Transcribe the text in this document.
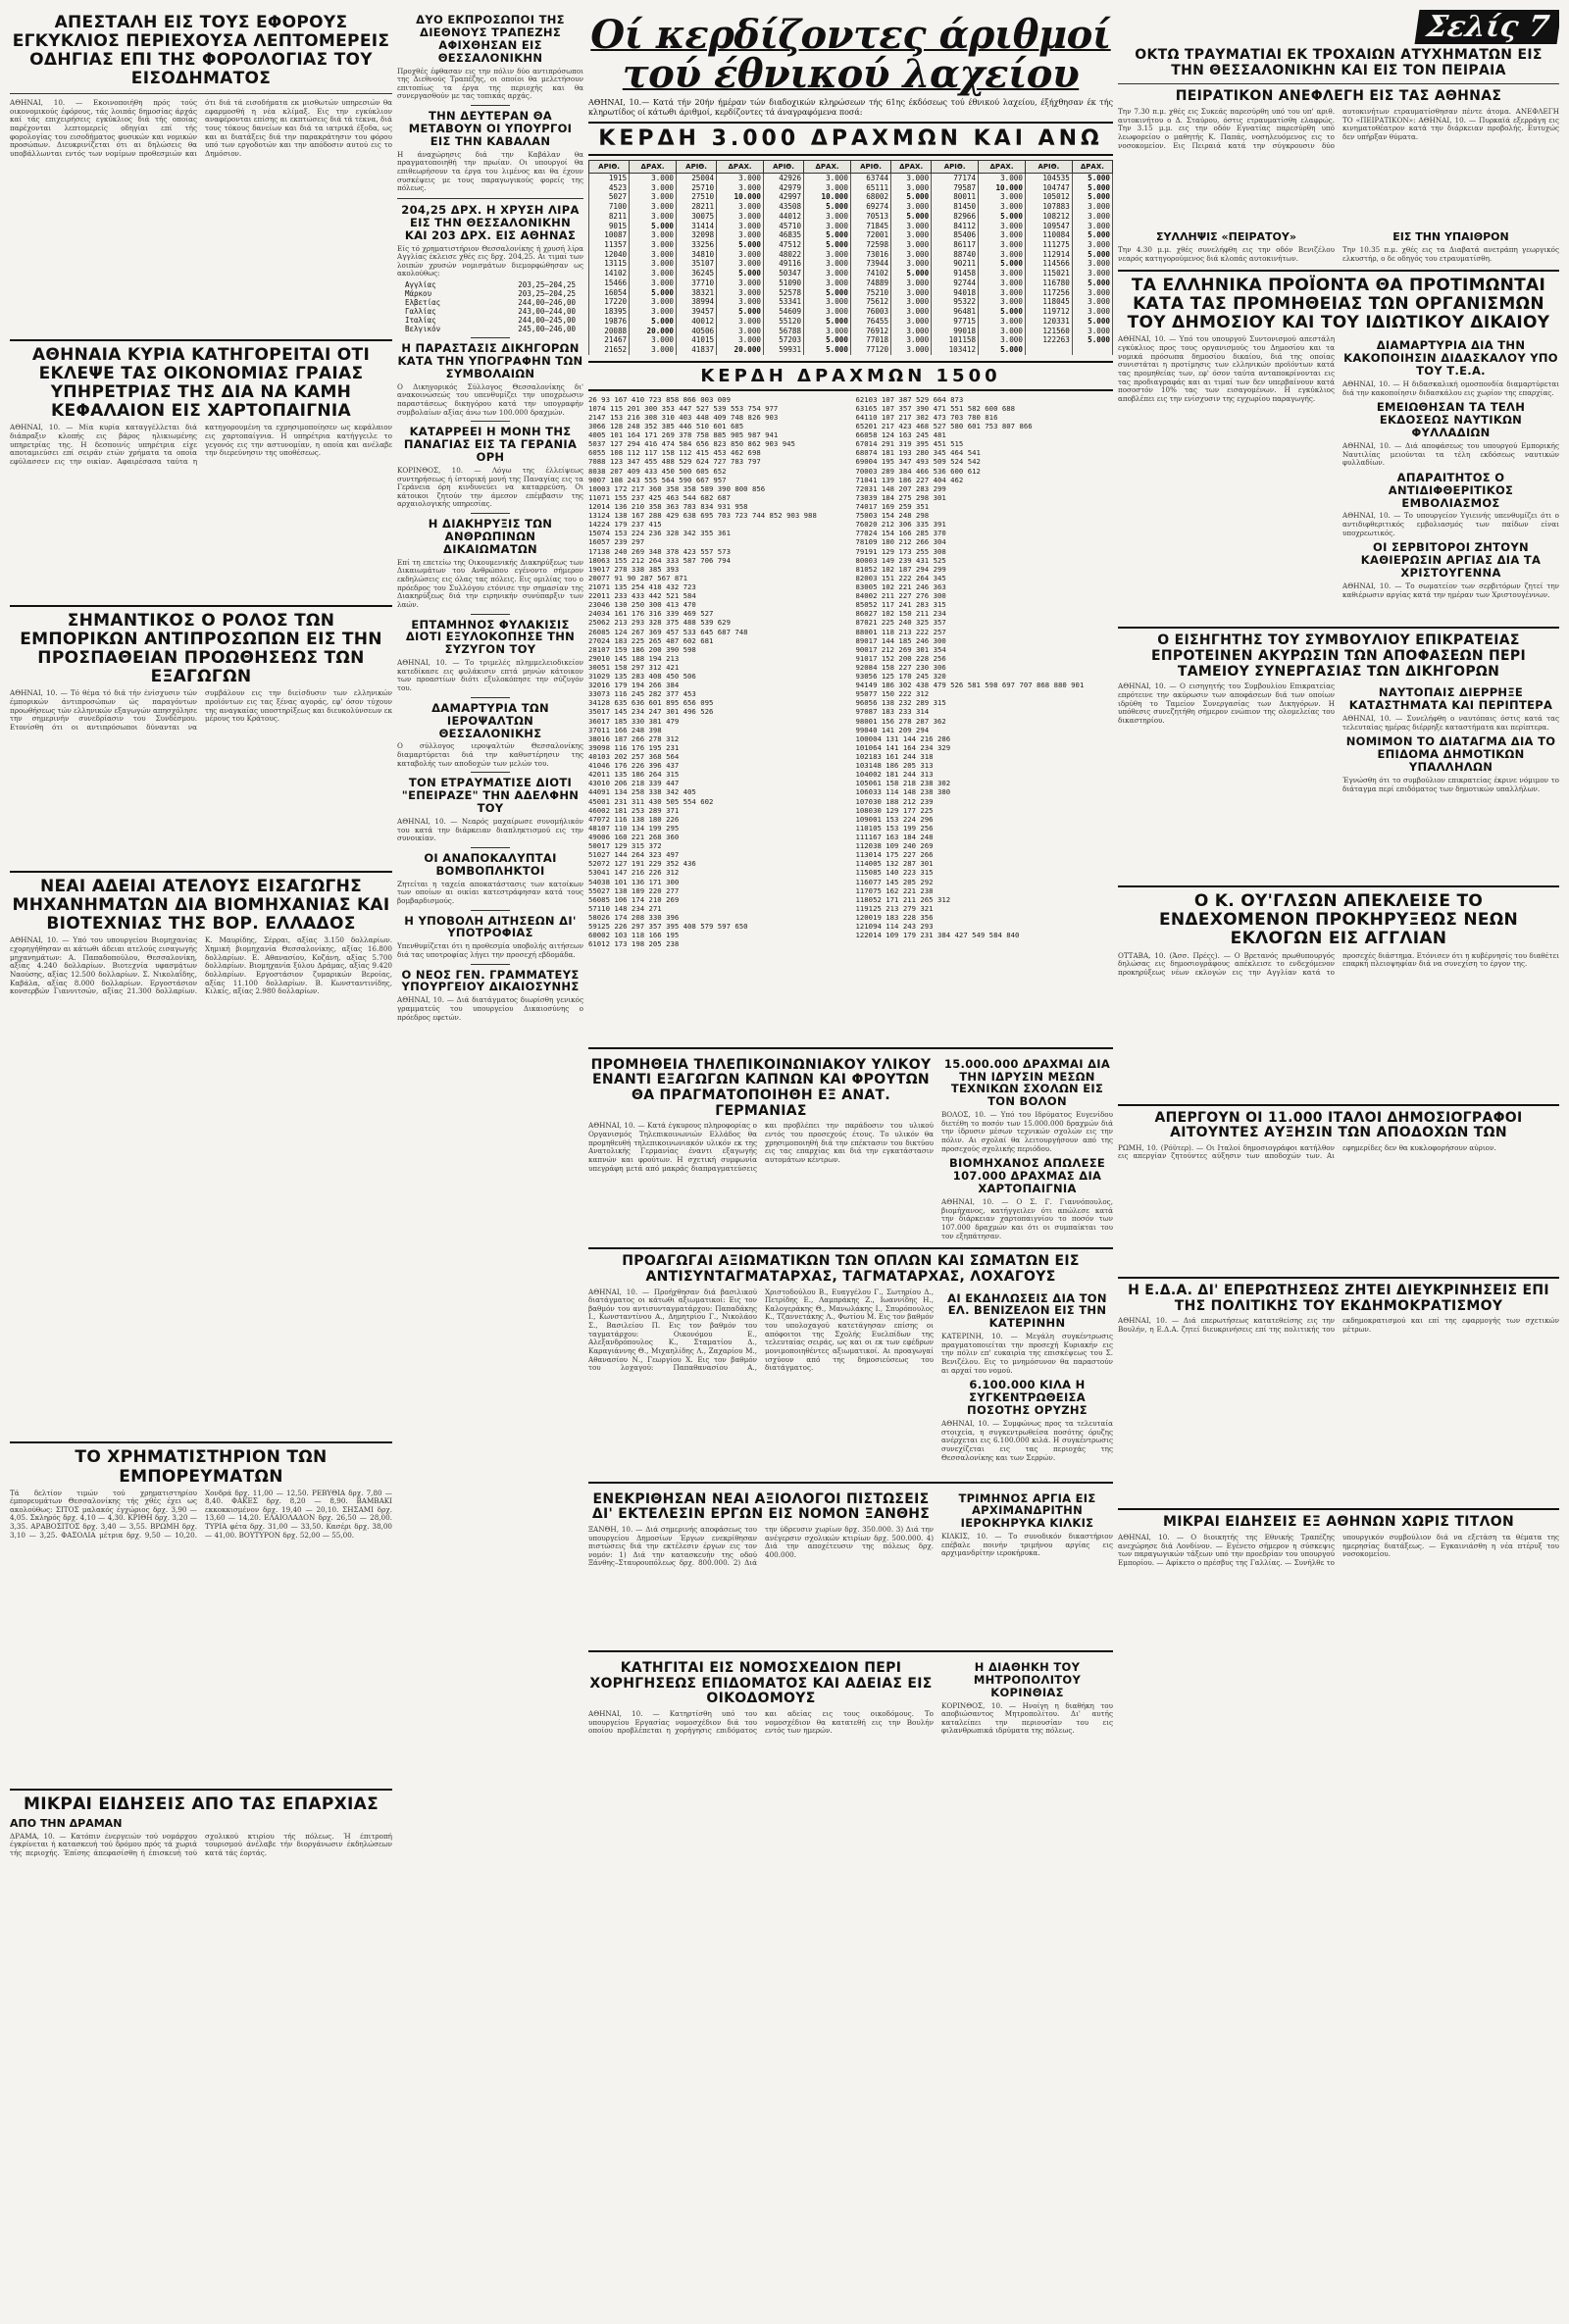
ΑΠΕΣΤΑΛΗ ΕΙΣ ΤΟΥΣ ΕΦΟΡΟΥΣ ΕΓΚΥΚΛΙΟΣ ΠΕΡΙΕΧΟΥΣΑ ΛΕΠΤΟΜΕΡΕΙΣ ΟΔΗΓΙΑΣ ΕΠΙ ΤΗΣ ΦΟΡΟΛΟΓΙΑΣ ΤΟΥ ΕΙΣΟΔΗΜΑΤΟΣ
ΑΘΗΝΑΙ, 10. — Εκοινοποιήθη πρός τούς οικονομικούς έφόρους, τάς λοιπάς δημοσίας άρχάς καί τάς επιχειρήσεις εγκύκλιος διά τής οποίας παρέχονται λεπτομερείς οδηγίαι επί τής φορολογίας του εισοδήματος φυσικών και νομικών προσώπων. Διευκρινίζεται ότι αι δηλώσεις θα υποβάλλωνται εντός των νομίμων προθεσμιών και ότι διά τά εισοδήματα εκ μισθωτών υπηρεσιών θα εφαρμοσθή η νέα κλίμαξ. Εις την εγκύκλιον αναφέρονται επίσης αι εκπτώσεις διά τά τέκνα, διά τους τόκους δανείων και διά τα ιατρικά έξοδα, ως και αι διατάξεις διά την παρακράτησιν του φόρου υπό των εργοδοτών και την απόδοσιν αυτού εις το Δημόσιον.
ΑΘΗΝΑΙΑ ΚΥΡΙΑ ΚΑΤΗΓΟΡΕΙΤΑΙ ΟΤΙ ΕΚΛΕΨΕ ΤΑΣ ΟΙΚΟΝΟΜΙΑΣ ΓΡΑΙΑΣ ΥΠΗΡΕΤΡΙΑΣ ΤΗΣ ΔΙΑ ΝΑ ΚΑΜΗ ΚΕΦΑΛΑΙΟΝ ΕΙΣ ΧΑΡΤΟΠΑΙΓΝΙΑ
ΑΘΗΝΑΙ, 10. — Μία κυρία καταγγέλλεται διά διάπραξιν κλοπής εις βάρος ηλικιωμένης υπηρετρίας της. Η δεσποινίς υπηρέτρια είχε αποταμιεύσει επί σειράν ετών χρήματα τα οποία εφύλασσεν εις την οικίαν. Αφαιρέσασα ταύτα η κατηγορουμένη τα εχρησιμοποίησεν ως κεφάλαιον εις χαρτοπαίγνια. Η υπηρέτρια κατήγγειλε το γεγονός εις την αστυνομίαν, η οποία και ανέλαβε την διερεύνησιν της υποθέσεως.
ΣΗΜΑΝΤΙΚΟΣ Ο ΡΟΛΟΣ ΤΩΝ ΕΜΠΟΡΙΚΩΝ ΑΝΤΙΠΡΟΣΩΠΩΝ ΕΙΣ ΤΗΝ ΠΡΟΣΠΑΘΕΙΑΝ ΠΡΟΩΘΗΣΕΩΣ ΤΩΝ ΕΞΑΓΩΓΩΝ
ΑΘΗΝΑΙ, 10. — Τό θέμα τό διά τήν ένίσχυσιν τών έμπορικών άντιπροσώπων ώς παραγόντων προωθήσεως τών ελληνικών εξαγωγών απησχόλησε την σημερινήν συνεδρίασιν του Συνδέσμου. Ετονίσθη ότι οι αντιπρόσωποι δύνανται να συμβάλουν εις την διείσδυσιν των ελληνικών προϊόντων εις τας ξένας αγοράς, εφ' όσον τύχουν της αναγκαίας υποστηρίξεως και διευκολύνσεων εκ μέρους του Κράτους.
ΝΕΑΙ ΑΔΕΙΑΙ ΑΤΕΛΟΥΣ ΕΙΣΑΓΩΓΗΣ ΜΗΧΑΝΗΜΑΤΩΝ ΔΙΑ ΒΙΟΜΗΧΑΝΙΑΣ ΚΑΙ ΒΙΟΤΕΧΝΙΑΣ ΤΗΣ ΒΟΡ. ΕΛΛΑΔΟΣ
ΑΘΗΝΑΙ, 10. — Υπό του υπουργείου Βιομηχανίας εχορηγήθησαν αι κάτωθι άδειαι ατελούς εισαγωγής μηχανημάτων: Α. Παπαδοπούλου, Θεσσαλονίκη, αξίας 4.240 δολλαρίων. Βιοτεχνία υφασμάτων Ναούσης, αξίας 12.500 δολλαρίων. Σ. Νικολαΐδης, Καβάλα, αξίας 8.000 δολλαρίων. Εργοστάσιον κονσερβών Γιαννιτσών, αξίας 21.300 δολλαρίων. Κ. Μαυρίδης, Σέρραι, αξίας 3.150 δολλαρίων. Χημική βιομηχανία Θεσσαλονίκης, αξίας 16.800 δολλαρίων. Ε. Αθανασίου, Κοζάνη, αξίας 5.700 δολλαρίων. Βιομηχανία ξύλου Δράμας, αξίας 9.420 δολλαρίων. Εργοστάσιον ζυμαρικών Βεροίας, αξίας 11.100 δολλαρίων. Β. Κωνσταντινίδης, Κιλκίς, αξίας 2.980 δολλαρίων.
ΤΟ ΧΡΗΜΑΤΙΣΤΗΡΙΟΝ ΤΩΝ ΕΜΠΟΡΕΥΜΑΤΩΝ
Τά δελτίον τιμών τού χρηματιστηρίου έμπορευμάτων Θεσσαλονίκης τής χθές έχει ως ακολούθως: ΣΙΤΟΣ μαλακός έγχώριος δρχ. 3,90 — 4,05. Σκληρός δρχ. 4,10 — 4,30. ΚΡΙΘΗ δρχ. 3,20 — 3,35. ΑΡΑΒΟΣΙΤΟΣ δρχ. 3,40 — 3,55. ΒΡΩΜΗ δρχ. 3,10 — 3,25. ΦΑΣΟΛΙΑ μέτρια δρχ. 9,50 — 10,20. Χονδρά δρχ. 11,00 — 12,50. ΡΕΒΥΘΙΑ δρχ. 7,80 — 8,40. ΦΑΚΕΣ δρχ. 8,20 — 8,90. ΒΑΜΒΑΚΙ εκκοκκισμένον δρχ. 19,40 — 20,10. ΣΗΣΑΜΙ δρχ. 13,60 — 14,20. ΕΛΑΙΟΛΑΔΟΝ δρχ. 26,50 — 28,00. ΤΥΡΙΑ φέτα δρχ. 31,00 — 33,50. Κασέρι δρχ. 38,00 — 41,00. ΒΟΥΤΥΡΟΝ δρχ. 52,00 — 55,00.
ΜΙΚΡΑΙ ΕΙΔΗΣΕΙΣ ΑΠΟ ΤΑΣ ΕΠΑΡΧΙΑΣ
ΑΠΟ ΤΗΝ ΔΡΑΜΑΝ
ΔΡΑΜΑ, 10. — Κατόπιν ένεργειών τού νομάρχου έγκρίνεται ή κατασκευή τού δρόμου πρός τά χωριά τής περιοχής. Έπίσης άπεφασίσθη ή έπισκευή τού σχολικού κτιρίου τής πόλεως. Ή έπιτροπή τουρισμού άνέλαβε τήν διοργάνωσιν έκδηλώσεων κατά τάς έορτάς.
ΔΥΟ ΕΚΠΡΟΣΩΠΟΙ ΤΗΣ ΔΙΕΘΝΟΥΣ ΤΡΑΠΕΖΗΣ ΑΦΙΧΘΗΣΑΝ ΕΙΣ ΘΕΣΣΑΛΟΝΙΚΗΝ
Προχθές έφθασαν εις την πόλιν δύο αντιπρόσωποι της Διεθνούς Τραπέζης, οι οποίοι θα μελετήσουν επιτοπίως τα έργα της περιοχής και θα συνεργασθούν με τας τοπικάς αρχάς.
ΤΗΝ ΔΕΥΤΕΡΑΝ ΘΑ ΜΕΤΑΒΟΥΝ ΟΙ ΥΠΟΥΡΓΟΙ ΕΙΣ ΤΗΝ ΚΑΒΑΛΑΝ
Η άναχώρησις διά την Καβάλαν θα πραγματοποιηθή την πρωίαν. Οι υπουργοί θα επιθεωρήσουν τα έργα του λιμένος και θα έχουν συσκέψεις με τους παραγωγικούς φορείς της πόλεως.
204,25 ΔΡΧ. Η ΧΡΥΣΗ ΛΙΡΑ ΕΙΣ ΤΗΝ ΘΕΣΣΑΛΟΝΙΚΗΝ ΚΑΙ 203 ΔΡΧ. ΕΙΣ ΑΘΗΝΑΣ
Είς τό χρηματιστήριον Θεσσαλονίκης ή χρυσή λίρα Αγγλίας έκλεισε χθές εις δρχ. 204,25. Αι τιμαί των λοιπών χρυσών νομισμάτων διεμορφώθησαν ως ακολούθως:
Αγγλίας	203,25—204,25
Μάρκου	203,25—204,25
Ελβετίας	244,00—246,00
Γαλλίας	243,00—244,00
Ιταλίας	244,00—245,00
Βελγικόν	245,00—246,00
Η ΠΑΡΑΣΤΑΣΙΣ ΔΙΚΗΓΟΡΩΝ ΚΑΤΑ ΤΗΝ ΥΠΟΓΡΑΦΗΝ ΤΩΝ ΣΥΜΒΟΛΑΙΩΝ
Ο Δικηγορικός Σύλλογος Θεσσαλονίκης δι' ανακοινώσεώς του υπενθυμίζει την υποχρέωσιν παραστάσεως δικηγόρου κατά την υπογραφήν συμβολαίων αξίας άνω των 100.000 δραχμών.
ΚΑΤΑΡΡΕΕΙ Η ΜΟΝΗ ΤΗΣ ΠΑΝΑΓΙΑΣ ΕΙΣ ΤΑ ΓΕΡΑΝΙΑ ΟΡΗ
ΚΟΡΙΝΘΟΣ, 10. — Λόγω της έλλείψεως συντηρήσεως ή ίστορική μονή της Παναγίας εις τα Γεράνεια όρη κινδυνεύει να καταρρεύση. Οι κάτοικοι ζητούν την άμεσον επέμβασιν της αρχαιολογικής υπηρεσίας.
Η ΔΙΑΚΗΡΥΞΙΣ ΤΩΝ ΑΝΘΡΩΠΙΝΩΝ ΔΙΚΑΙΩΜΑΤΩΝ
Επί τη επετείω της Οικουμενικής Διακηρύξεως των Δικαιωμάτων του Ανθρώπου εγένοντο σήμερον εκδηλώσεις εις όλας τας πόλεις. Εις ομιλίας του ο πρόεδρος του Συλλόγου ετόνισε την σημασίαν της Διακηρύξεως διά την ειρηνικήν συνύπαρξιν των λαών.
ΕΠΤΑΜΗΝΟΣ ΦΥΛΑΚΙΣΙΣ ΔΙΟΤΙ ΕΞΥΛΟΚΟΠΗΣΕ ΤΗΝ ΣΥΖΥΓΟΝ ΤΟΥ
ΑΘΗΝΑΙ, 10. — Το τριμελές πλημμελειοδικείον κατεδίκασε εις φυλάκισιν επτά μηνών κάτοικον των προαστίων διότι εξυλοκόπησε την σύζυγόν του.
ΔΑΜΑΡΤΥΡΙΑ ΤΩΝ ΙΕΡΟΨΑΛΤΩΝ ΘΕΣΣΑΛΟΝΙΚΗΣ
Ο σύλλογος ιεροψαλτών Θεσσαλονίκης διαμαρτύρεται διά την καθυστέρησιν της καταβολής των αποδοχών των μελών του.
ΤΟΝ ΕΤΡΑΥΜΑΤΙΣΕ ΔΙΟΤΙ "ΕΠΕΙΡΑΖΕ" ΤΗΝ ΑΔΕΛΦΗΝ ΤΟΥ
ΑΘΗΝΑΙ, 10. — Νεαρός μαχαίρωσε συνομήλικόν του κατά την διάρκειαν διαπληκτισμού εις την συνοικίαν.
ΟΙ ΑΝΑΠΟΚΑΛΥΠΤΑΙ ΒΟΜΒΟΠΛΗΚΤΟΙ
Ζητείται η ταχεία αποκατάστασις των κατοίκων των οποίων αι οικίαι κατεστράφησαν κατά τους βομβαρδισμούς.
Η ΥΠΟΒΟΛΗ ΑΙΤΗΣΕΩΝ ΔΙ' ΥΠΟΤΡΟΦΙΑΣ
Υπενθυμίζεται ότι η προθεσμία υποβολής αιτήσεων διά τας υποτροφίας λήγει την προσεχή εβδομάδα.
Ο ΝΕΟΣ ΓΕΝ. ΓΡΑΜΜΑΤΕΥΣ ΥΠΟΥΡΓΕΙΟΥ ΔΙΚΑΙΟΣΥΝΗΣ
ΑΘΗΝΑΙ, 10. — Διά διατάγματος διωρίσθη γενικός γραμματεύς του υπουργείου Δικαιοσύνης ο πρόεδρος εφετών.
Οί κερδίζοντες άριθμοί τού έθνικού λαχείου
ΑΘΗΝΑΙ, 10.— Κατά τήν 20ήν ήμέραν τών διαδοχικών κληρώσεων τής 61ης έκδόσεως τού έθνικού λαχείου, έξήχθησαν έκ τής κληρωτίδος οί κάτωθι άριθμοί, κερδίζοντες τά άναγραφόμενα ποσά:
ΚΕΡΔΗ 3.000 ΔΡΑΧΜΩΝ ΚΑΙ ΑΝΩ
ΑΡΙΘ.	ΔΡΑΧ.	ΑΡΙΘ.	ΔΡΑΧ.	ΑΡΙΘ.	ΔΡΑΧ.	ΑΡΙΘ.	ΔΡΑΧ.	ΑΡΙΘ.	ΔΡΑΧ.	ΑΡΙΘ.	ΔΡΑΧ.
1915	3.000	25004	3.000	42926	3.000	63744	3.000	77174	3.000	104535	5.000
4523	3.000	25710	3.000	42979	3.000	65111	3.000	79587	10.000	104747	5.000
5027	3.000	27510	10.000	42997	10.000	68002	5.000	80011	3.000	105012	5.000
7100	3.000	28211	3.000	43508	5.000	69274	3.000	81450	3.000	107883	3.000
8211	3.000	30075	3.000	44012	3.000	70513	5.000	82966	5.000	108212	3.000
9015	5.000	31414	3.000	45710	3.000	71845	3.000	84112	3.000	109547	3.000
10087	3.000	32098	3.000	46835	5.000	72001	3.000	85406	3.000	110084	5.000
11357	3.000	33256	5.000	47512	5.000	72598	3.000	86117	3.000	111275	3.000
12040	3.000	34810	3.000	48022	3.000	73016	3.000	88740	3.000	112914	5.000
13115	3.000	35107	3.000	49116	3.000	73944	3.000	90211	5.000	114566	3.000
14102	3.000	36245	5.000	50347	3.000	74102	5.000	91458	3.000	115021	3.000
15466	3.000	37710	3.000	51090	3.000	74889	3.000	92744	3.000	116780	5.000
16054	5.000	38321	3.000	52578	5.000	75210	3.000	94018	3.000	117256	3.000
17220	3.000	38994	3.000	53341	3.000	75612	3.000	95322	3.000	118045	3.000
18395	3.000	39457	5.000	54609	3.000	76003	3.000	96481	5.000	119712	3.000
19876	5.000	40012	3.000	55120	5.000	76455	3.000	97715	3.000	120331	5.000
20088	20.000	40506	3.000	56788	3.000	76912	3.000	99018	3.000	121560	3.000
21467	3.000	41015	3.000	57203	5.000	77018	3.000	101158	3.000	122263	5.000
21652	3.000	41837	20.000	59931	5.000	77120	3.000	103412	5.000		
ΚΕΡΔΗ ΔΡΑΧΜΩΝ 1500
26 93 167 410 723 858 866 003 009
1074 115 201 300 353 447 527 539 553 754 977
2147 153 216 308 310 403 448 409 748 826 903
3066 128 248 352 385 446 510 601 685
4005 101 164 171 269 378 758 885 905 987 941
5037 127 294 416 474 584 656 823 850 862 903 945
6055 108 112 117 158 112 415 453 462 698
7088 123 347 455 488 529 624 727 783 797
8038 207 409 433 450 500 605 652
9007 108 243 555 564 590 667 957
10003 172 217 360 358 358 589 390 800 856
11071 155 237 425 463 544 682 687
12014 136 210 358 363 783 834 931 958
13124 138 167 288 429 638 695 703 723 744 852 903 988
14224 179 237 415
15074 153 224 236 328 342 355 361
16057 239 297
17138 240 269 348 378 423 557 573
18063 155 212 264 333 587 706 794
19017 278 338 385 393
20077 91 90 287 567 871
21071 135 254 418 432 723
22011 233 433 442 521 584
23046 130 250 300 413 470
24034 161 176 316 339 469 527
25062 213 293 328 375 488 539 629
26085 124 267 369 457 533 645 687 748
27024 183 225 265 487 602 681
28107 159 186 200 390 598
29010 145 188 194 213
30051 158 297 312 421
31029 135 283 408 450 506
32016 179 194 266 384
33073 116 245 282 377 453
34128 635 636 601 895 656 095
35017 145 234 247 301 496 526
36017 185 330 381 479
37011 166 248 398
38016 187 266 278 312
39098 116 176 195 231
40103 202 257 368 564
41046 176 226 396 437
42011 135 186 264 315
43010 206 218 339 447
44091 134 258 338 342 405
45001 231 311 430 505 554 602
46002 181 253 289 371
47072 116 138 180 226
48107 110 134 199 295
49006 160 221 268 360
50017 129 315 372
51027 144 264 323 497
52072 127 191 229 352 436
53041 147 216 226 312
54038 101 136 171 300
55027 138 189 220 277
56085 106 174 210 269
57110 148 234 271
58026 174 208 330 396
59125 226 297 357 395 408 579 597 650
60002 103 118 166 195
61012 173 198 205 238
62103 107 387 529 664 873
63165 107 357 390 471 551 582 600 688
64110 107 217 302 473 703 780 816
65201 217 423 468 527 580 601 753 807 866
66058 124 163 245 481
67014 291 319 395 451 515
68074 181 193 280 345 464 541
69004 195 347 493 509 524 542
70003 289 384 466 536 600 612
71041 139 186 227 404 462
72031 148 207 283 299
73039 184 275 298 301
74017 169 259 351
75003 154 248 298
76020 212 306 335 391
77024 154 166 285 370
78109 180 212 266 304
79191 129 173 255 308
80003 149 239 431 525
81052 102 187 294 299
82003 151 222 264 345
83005 102 221 246 363
84002 211 227 276 300
85052 117 241 283 315
86027 102 150 211 234
87021 225 240 325 357
88001 118 213 222 257
89017 144 185 246 300
90017 212 269 301 354
91017 152 200 228 256
92084 158 227 230 306
93056 125 170 245 320
94149 186 302 438 479 526 581 598 697 707 868 880 901
95077 150 222 312
96056 138 232 289 315
97087 183 233 314
98001 156 278 287 362
99040 141 209 294
100004 131 144 216 286
101064 141 164 234 329
102183 161 244 318
103148 186 205 313
104002 181 244 313
105061 158 218 238 302
106033 114 148 238 380
107030 188 212 239
108030 129 177 225
109001 153 224 296
110105 153 199 256
111167 163 184 248
112038 109 240 269
113014 175 227 266
114005 132 287 301
115085 140 223 315
116077 145 205 292
117075 162 221 238
118052 171 211 265 312
119125 213 279 321
120019 183 228 356
121094 114 243 293
122014 109 179 231 384 427 549 584 840
ΠΡΟΜΗΘΕΙΑ ΤΗΛΕΠΙΚΟΙΝΩΝΙΑΚΟΥ ΥΛΙΚΟΥ ΕΝΑΝΤΙ ΕΞΑΓΩΓΩΝ ΚΑΠΝΩΝ ΚΑΙ ΦΡΟΥΤΩΝ ΘΑ ΠΡΑΓΜΑΤΟΠΟΙΗΘΗ ΕΞ ΑΝΑΤ. ΓΕΡΜΑΝΙΑΣ
ΑΘΗΝΑΙ, 10. — Κατά έγκυρους πληροφορίας ο Οργανισμός Τηλεπικοινωνιών Ελλάδος θα προμηθευθή τηλεπικοινωνιακόν υλικόν εκ της Ανατολικής Γερμανίας έναντι εξαγωγής καπνών και φρούτων. Η σχετική συμφωνία υπεγράφη μετά από μακράς διαπραγματεύσεις και προβλέπει την παράδοσιν του υλικού εντός του προσεχούς έτους. Το υλικόν θα χρησιμοποιηθή διά την επέκτασιν του δικτύου εις τας επαρχίας και διά την εγκατάστασιν αυτομάτων κέντρων.
15.000.000 ΔΡΑΧΜΑΙ ΔΙΑ ΤΗΝ ΙΔΡΥΣΙΝ ΜΕΣΩΝ ΤΕΧΝΙΚΩΝ ΣΧΟΛΩΝ ΕΙΣ ΤΟΝ ΒΟΛΟΝ
ΒΟΛΟΣ, 10. — Υπό του Ιδρύματος Ευγενίδου διετέθη το ποσόν των 15.000.000 δραχμών διά την ίδρυσιν μέσων τεχνικών σχολών εις την πόλιν. Αι σχολαί θα λειτουργήσουν από της προσεχούς σχολικής περιόδου.
ΒΙΟΜΗΧΑΝΟΣ ΑΠΩΛΕΣΕ 107.000 ΔΡΑΧΜΑΣ ΔΙΑ ΧΑΡΤΟΠΑΙΓΝΙΑ
ΑΘΗΝΑΙ, 10. — Ο Σ. Γ. Γιαννόπουλος, βιομήχανος, κατήγγειλεν ότι απώλεσε κατά την διάρκειαν χαρτοπαιγνίου το ποσόν των 107.000 δραχμών και ότι οι συμπαίκται του τον εξηπάτησαν.
ΠΡΟΑΓΩΓΑΙ ΑΞΙΩΜΑΤΙΚΩΝ ΤΩΝ ΟΠΛΩΝ ΚΑΙ ΣΩΜΑΤΩΝ ΕΙΣ ΑΝΤΙΣΥΝΤΑΓΜΑΤΑΡΧΑΣ, ΤΑΓΜΑΤΑΡΧΑΣ, ΛΟΧΑΓΟΥΣ
ΑΘΗΝΑΙ, 10. — Προήχθησαν διά βασιλικού διατάγματος οι κάτωθι αξιωματικοί: Εις τον βαθμόν του αντισυνταγματάρχου: Παπαδάκης Ι., Κωνσταντίνου Α., Δημητρίου Γ., Νικολάου Σ., Βασιλείου Π. Εις τον βαθμόν του ταγματάρχου: Οικονόμου Ε., Αλεξανδρόπουλος Κ., Σταματίου Δ., Καραγιάννης Θ., Μιχαηλίδης Λ., Ζαχαρίου Μ., Αθανασίου Ν., Γεωργίου Χ. Εις τον βαθμόν του λοχαγού: Παπαθανασίου Α., Χριστοδούλου Β., Ευαγγέλου Γ., Σωτηρίου Δ., Πετρίδης Ε., Λαμπράκης Ζ., Ιωαννίδης Η., Καλογεράκης Θ., Μανωλάκης Ι., Σπυρόπουλος Κ., Τζαννετάκης Λ., Φωτίου Μ. Εις τον βαθμόν του υπολοχαγού κατετάγησαν επίσης οι απόφοιτοι της Σχολής Ευελπίδων της τελευταίας σειράς, ως και οι εκ των εφέδρων μονιμοποιηθέντες αξιωματικοί. Αι προαγωγαί ισχύουν από της δημοσιεύσεως του διατάγματος.
ΑΙ ΕΚΔΗΛΩΣΕΙΣ ΔΙΑ ΤΟΝ ΕΛ. ΒΕΝΙΖΕΛΟΝ ΕΙΣ ΤΗΝ ΚΑΤΕΡΙΝΗΝ
ΚΑΤΕΡΙΝΗ, 10. — Μεγάλη συγκέντρωσις πραγματοποιείται την προσεχή Κυριακήν εις την πόλιν επ' ευκαιρία της επισκέψεως του Σ. Βενιζέλου. Εις το μνημόσυνον θα παραστούν αι αρχαί του νομού.
6.100.000 ΚΙΛΑ Η ΣΥΓΚΕΝΤΡΩΘΕΙΣΑ ΠΟΣΟΤΗΣ ΟΡΥΖΗΣ
ΑΘΗΝΑΙ, 10. — Συμφώνως προς τα τελευταία στοιχεία, η συγκεντρωθείσα ποσότης όρυζης ανέρχεται εις 6.100.000 κιλά. Η συγκέντρωσις συνεχίζεται εις τας περιοχάς της Θεσσαλονίκης και των Σερρών.
ΕΝΕΚΡΙΘΗΣΑΝ ΝΕΑΙ ΑΞΙΟΛΟΓΟΙ ΠΙΣΤΩΣΕΙΣ ΔΙ' ΕΚΤΕΛΕΣΙΝ ΕΡΓΩΝ ΕΙΣ ΝΟΜΟΝ ΞΑΝΘΗΣ
ΞΑΝΘΗ, 10. — Διά σημερινής αποφάσεως του υπουργείου Δημοσίων Έργων ενεκρίθησαν πιστώσεις διά την εκτέλεσιν έργων εις τον νομόν: 1) Διά την κατασκευήν της οδού Ξάνθης–Σταυρουπόλεως δρχ. 800.000. 2) Διά την ύδρευσιν χωρίων δρχ. 350.000. 3) Διά την ανέγερσιν σχολικών κτιρίων δρχ. 500.000. 4) Διά την αποχέτευσιν της πόλεως δρχ. 400.000.
ΤΡΙΜΗΝΟΣ ΑΡΓΙΑ ΕΙΣ ΑΡΧΙΜΑΝΔΡΙΤΗΝ ΙΕΡΟΚΗΡΥΚΑ ΚΙΛΚΙΣ
ΚΙΛΚΙΣ, 10. — Το συνοδικόν δικαστήριον επέβαλε ποινήν τριμήνου αργίας εις αρχιμανδρίτην ιεροκήρυκα.
ΚΑΤΗΓΙΤΑΙ ΕΙΣ ΝΟΜΟΣΧΕΔΙΟΝ ΠΕΡΙ ΧΟΡΗΓΗΣΕΩΣ ΕΠΙΔΟΜΑΤΟΣ ΚΑΙ ΑΔΕΙΑΣ ΕΙΣ ΟΙΚΟΔΟΜΟΥΣ
ΑΘΗΝΑΙ, 10. — Κατηρτίσθη υπό του υπουργείου Εργασίας νομοσχέδιον διά του οποίου προβλέπεται η χορήγησις επιδόματος και αδείας εις τους οικοδόμους. Το νομοσχέδιον θα κατατεθή εις την Βουλήν εντός των ημερών.
Η ΔΙΑΘΗΚΗ ΤΟΥ ΜΗΤΡΟΠΟΛΙΤΟΥ ΚΟΡΙΝΘΙΑΣ
ΚΟΡΙΝΘΟΣ, 10. — Ηνοίγη η διαθήκη του αποβιώσαντος Μητροπολίτου. Δι' αυτής καταλείπει την περιουσίαν του εις φιλανθρωπικά ιδρύματα της πόλεως.
Σελίς 7
ΟΚΤΩ ΤΡΑΥΜΑΤΙΑΙ ΕΚ ΤΡΟΧΑΙΩΝ ΑΤΥΧΗΜΑΤΩΝ ΕΙΣ ΤΗΝ ΘΕΣΣΑΛΟΝΙΚΗΝ ΚΑΙ ΕΙΣ ΤΟΝ ΠΕΙΡΑΙΑ
ΠΕΙΡΑΤΙΚΟΝ ΑΝΕΦΛΕΓΗ ΕΙΣ ΤΑΣ ΑΘΗΝΑΣ
Την 7.30 π.μ. χθές εις Συκεάς παρεσύρθη υπό του υπ' αριθ. αυτοκινήτου ο Δ. Σταύρου, όστις ετραυματίσθη ελαφρώς. Την 3.15 μ.μ. εις την οδόν Εγνατίας παρεσύρθη υπό λεωφορείου ο μαθητής Κ. Παπάς, νοσηλευόμενος εις το νοσοκομείον. Εις Πειραιά κατά την σύγκρουσιν δύο αυτοκινήτων ετραυματίσθησαν πέντε άτομα. ΑΝΕΦΛΕΓΗ ΤΟ «ΠΕΙΡΑΤΙΚΟΝ»: ΑΘΗΝΑΙ, 10. — Πυρκαϊά εξερράγη εις κινηματοθέατρον κατά την διάρκειαν προβολής. Ευτυχώς δεν υπήρξαν θύματα.
ΣΥΛΛΗΨΙΣ «ΠΕΙΡΑΤΟΥ»
Την 4.30 μ.μ. χθές συνελήφθη εις την οδόν Βενιζέλου νεαρός κατηγορούμενος διά κλοπάς αυτοκινήτων.
ΕΙΣ ΤΗΝ ΥΠΑΙΘΡΟΝ
Την 10.35 π.μ. χθές εις τα Διαβατά ανετράπη γεωργικός ελκυστήρ, ο δε οδηγός του ετραυματίσθη.
ΤΑ ΕΛΛΗΝΙΚΑ ΠΡΟΪΟΝΤΑ ΘΑ ΠΡΟΤΙΜΩΝΤΑΙ ΚΑΤΑ ΤΑΣ ΠΡΟΜΗΘΕΙΑΣ ΤΩΝ ΟΡΓΑΝΙΣΜΩΝ ΤΟΥ ΔΗΜΟΣΙΟΥ ΚΑΙ ΤΟΥ ΙΔΙΩΤΙΚΟΥ ΔΙΚΑΙΟΥ
ΑΘΗΝΑΙ, 10. — Υπό του υπουργού Συντονισμού απεστάλη εγκύκλιος προς τους οργανισμούς του Δημοσίου και τα νομικά πρόσωπα δημοσίου δικαίου, διά της οποίας συνιστάται η προτίμησις των ελληνικών προϊόντων κατά τας προμηθείας των, εφ' όσον ταύτα ανταποκρίνονται εις τας προδιαγραφάς και αι τιμαί των δεν υπερβαίνουν κατά ποσοστόν 10% τας των εισαγομένων. Η εγκύκλιος αποβλέπει εις την ενίσχυσιν της εγχωρίου παραγωγής.
ΔΙΑΜΑΡΤΥΡΙΑ ΔΙΑ ΤΗΝ ΚΑΚΟΠΟΙΗΣΙΝ ΔΙΔΑΣΚΑΛΟΥ ΥΠΟ ΤΟΥ Τ.Ε.Α.
ΑΘΗΝΑΙ, 10. — Η διδασκαλική ομοσπονδία διαμαρτύρεται διά την κακοποίησιν διδασκάλου εις χωρίον της επαρχίας.
ΕΜΕΙΩΘΗΣΑΝ ΤΑ ΤΕΛΗ ΕΚΔΟΣΕΩΣ ΝΑΥΤΙΚΩΝ ΦΥΛΛΑΔΙΩΝ
ΑΘΗΝΑΙ, 10. — Διά αποφάσεως του υπουργού Εμπορικής Ναυτιλίας μειούνται τα τέλη εκδόσεως ναυτικών φυλλαδίων.
ΑΠΑΡΑΙΤΗΤΟΣ Ο ΑΝΤΙΔΙΦΘΕΡΙΤΙΚΟΣ ΕΜΒΟΛΙΑΣΜΟΣ
ΑΘΗΝΑΙ, 10. — Το υπουργείον Υγιεινής υπενθυμίζει ότι ο αντιδιφθεριτικός εμβολιασμός των παίδων είναι υποχρεωτικός.
ΟΙ ΣΕΡΒΙΤΟΡΟΙ ΖΗΤΟΥΝ ΚΑΘΙΕΡΩΣΙΝ ΑΡΓΙΑΣ ΔΙΑ ΤΑ ΧΡΙΣΤΟΥΓΕΝΝΑ
ΑΘΗΝΑΙ, 10. — Το σωματείον των σερβιτόρων ζητεί την καθιέρωσιν αργίας κατά την ημέραν των Χριστουγέννων.
Ο ΕΙΣΗΓΗΤΗΣ ΤΟΥ ΣΥΜΒΟΥΛΙΟΥ ΕΠΙΚΡΑΤΕΙΑΣ ΕΠΡΟΤΕΙΝΕΝ ΑΚΥΡΩΣΙΝ ΤΩΝ ΑΠΟΦΑΣΕΩΝ ΠΕΡΙ ΤΑΜΕΙΟΥ ΣΥΝΕΡΓΑΣΙΑΣ ΤΩΝ ΔΙΚΗΓΟΡΩΝ
ΑΘΗΝΑΙ, 10. — Ο εισηγητής του Συμβουλίου Επικρατείας επρότεινε την ακύρωσιν των αποφάσεων διά των οποίων ιδρύθη το Ταμείον Συνεργασίας των Δικηγόρων. Η υπόθεσις συνεζητήθη σήμερον ενώπιον της ολομελείας του δικαστηρίου.
ΝΑΥΤΟΠΑΙΣ ΔΙΕΡΡΗΞΕ ΚΑΤΑΣΤΗΜΑΤΑ ΚΑΙ ΠΕΡΙΠΤΕΡΑ
ΑΘΗΝΑΙ, 10. — Συνελήφθη ο ναυτόπαις όστις κατά τας τελευταίας ημέρας διέρρηξε καταστήματα και περίπτερα.
ΝΟΜΙΜΟΝ ΤΟ ΔΙΑΤΑΓΜΑ ΔΙΑ ΤΟ ΕΠΙΔΟΜΑ ΔΗΜΟΤΙΚΩΝ ΥΠΑΛΛΗΛΩΝ
Έγνώσθη ότι το συμβούλιον επικρατείας έκρινε νόμιμον το διάταγμα περί επιδόματος των δημοτικών υπαλλήλων.
Ο Κ. ΟΥ'ΓΛΣΩΝ ΑΠΕΚΛΕΙΣΕ ΤΟ ΕΝΔΕΧΟΜΕΝΟΝ ΠΡΟΚΗΡΥΞΕΩΣ ΝΕΩΝ ΕΚΛΟΓΩΝ ΕΙΣ ΑΓΓΛΙΑΝ
ΟΤΤΑΒΑ, 10. (Άσσ. Πρέςς). — Ο Βρετανός πρωθυπουργός δηλώσας εις δημοσιογράφους απέκλεισε το ενδεχόμενον προκηρύξεως νέων εκλογών εις την Αγγλίαν κατά το προσεχές διάστημα. Ετόνισεν ότι η κυβέρνησίς του διαθέτει επαρκή πλειοψηφίαν διά να συνεχίση το έργον της.
ΑΠΕΡΓΟΥΝ ΟΙ 11.000 ΙΤΑΛΟΙ ΔΗΜΟΣΙΟΓΡΑΦΟΙ ΑΙΤΟΥΝΤΕΣ ΑΥΞΗΣΙΝ ΤΩΝ ΑΠΟΔΟΧΩΝ ΤΩΝ
ΡΩΜΗ, 10. (Ρόϋτερ). — Οι Ιταλοί δημοσιογράφοι κατήλθον εις απεργίαν ζητούντες αύξησιν των αποδοχών των. Αι εφημερίδες δεν θα κυκλοφορήσουν αύριον.
Η Ε.Δ.Α. ΔΙ' ΕΠΕΡΩΤΗΣΕΩΣ ΖΗΤΕΙ ΔΙΕΥΚΡΙΝΗΣΕΙΣ ΕΠΙ ΤΗΣ ΠΟΛΙΤΙΚΗΣ ΤΟΥ ΕΚΔΗΜΟΚΡΑΤΙΣΜΟΥ
ΑΘΗΝΑΙ, 10. — Διά επερωτήσεως κατατεθείσης εις την Βουλήν, η Ε.Δ.Α. ζητεί διευκρινήσεις επί της πολιτικής του εκδημοκρατισμού και επί της εφαρμογής των σχετικών μέτρων.
ΜΙΚΡΑΙ ΕΙΔΗΣΕΙΣ ΕΞ ΑΘΗΝΩΝ ΧΩΡΙΣ ΤΙΤΛΟΝ
ΑΘΗΝΑΙ, 10. — Ο διοικητής της Εθνικής Τραπέζης ανεχώρησε διά Λονδίνον. — Εγένετο σήμερον η σύσκεψις των παραγωγικών τάξεων υπό την προεδρίαν του υπουργού Εμπορίου. — Αφίκετο ο πρέσβυς της Γαλλίας. — Συνήλθε το υπουργικόν συμβούλιον διά να εξετάση τα θέματα της ημερησίας διατάξεως. — Εγκαινιάσθη η νέα πτέρυξ του νοσοκομείου.
